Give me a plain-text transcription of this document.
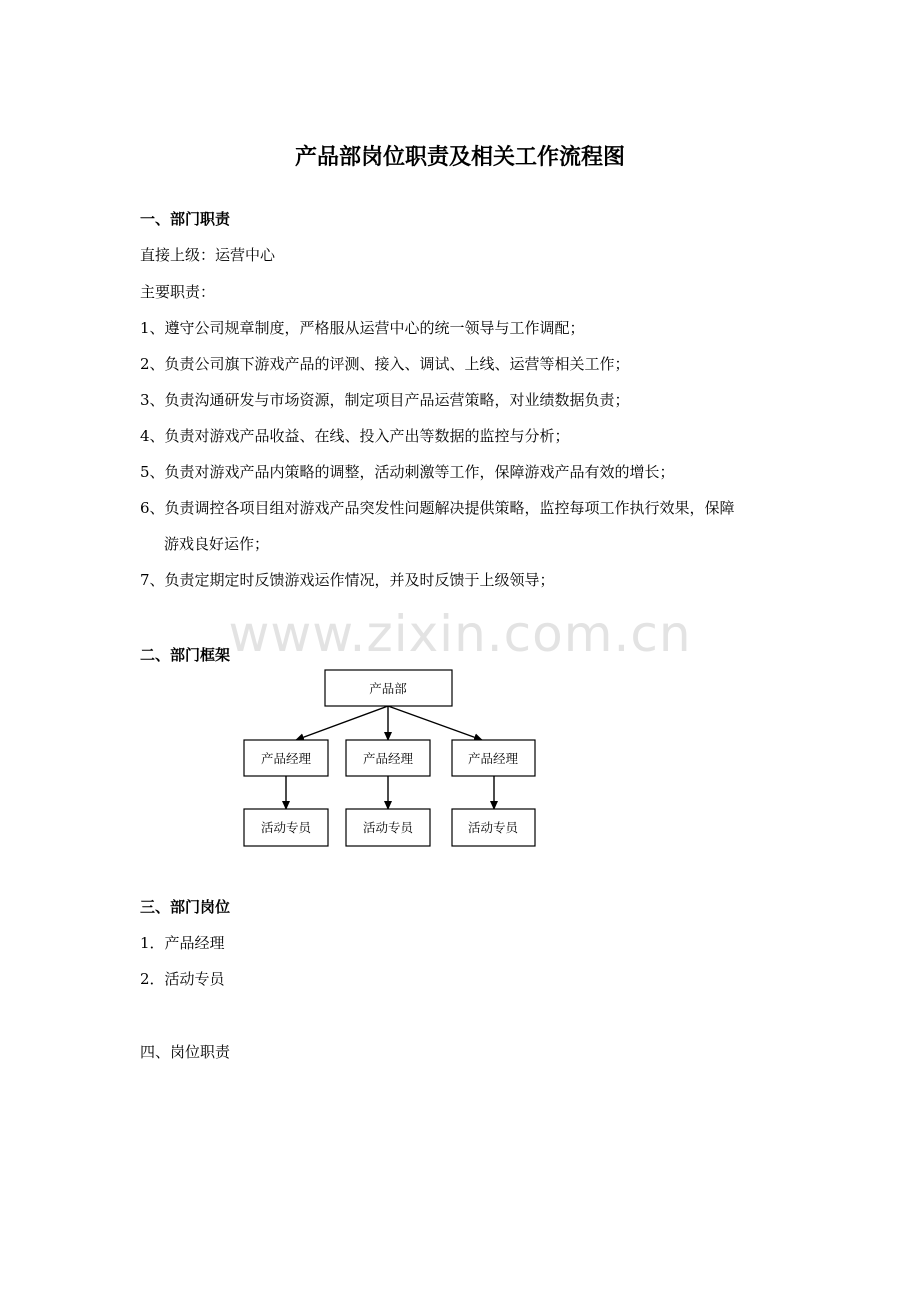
www.zixin.com.cn
产品部岗位职责及相关工作流程图
一、部门职责
直接上级：运营中心
主要职责：
1、遵守公司规章制度，严格服从运营中心的统一领导与工作调配；
2、负责公司旗下游戏产品的评测、接入、调试、上线、运营等相关工作；
3、负责沟通研发与市场资源，制定项目产品运营策略，对业绩数据负责；
4、负责对游戏产品收益、在线、投入产出等数据的监控与分析；
5、负责对游戏产品内策略的调整，活动刺激等工作，保障游戏产品有效的增长；
6、负责调控各项目组对游戏产品突发性问题解决提供策略，监控每项工作执行效果，保障
游戏良好运作；
7、负责定期定时反馈游戏运作情况，并及时反馈于上级领导；
二、部门框架
产品部
产品经理	产品经理	产品经理
活动专员	活动专员	活动专员
三、部门岗位
1．产品经理
2．活动专员
四、岗位职责
